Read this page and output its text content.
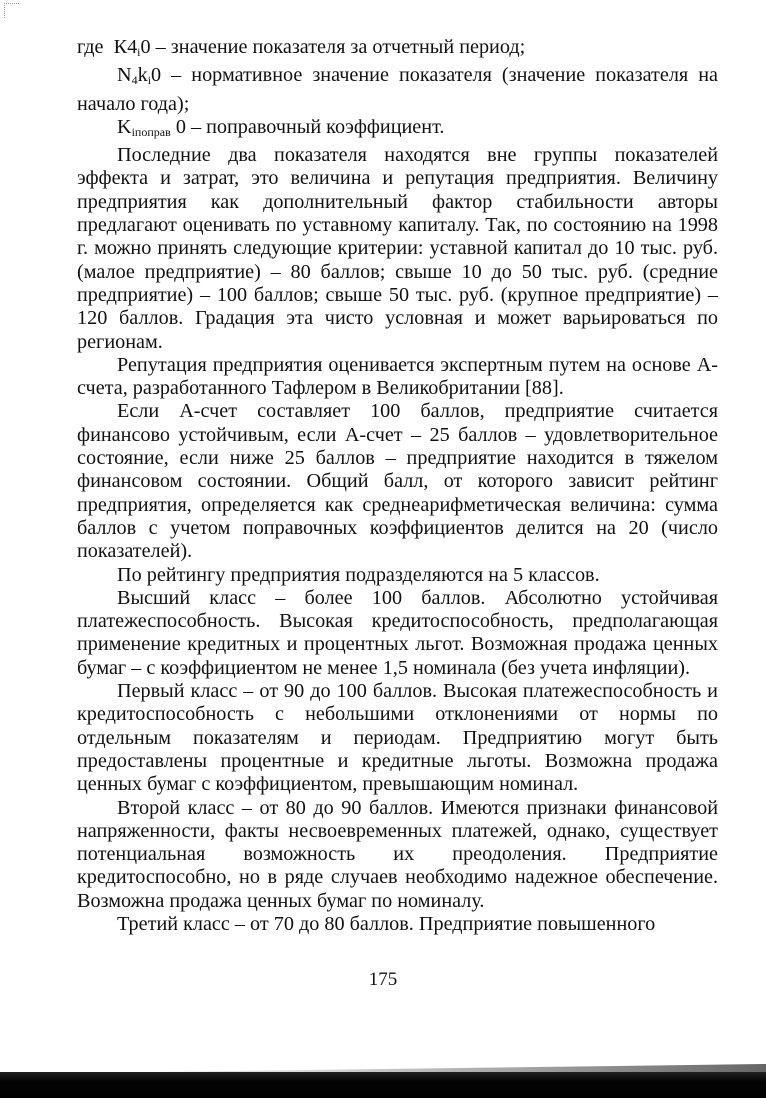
где $К4_i0$ – значение показателя за отчетный период;

$N_4k_i0$ – нормативное значение показателя (значение показателя на начало года);

$K_{iпоправ}$ 0 – поправочный коэффициент.

Последние два показателя находятся вне группы показателей эффекта и затрат, это величина и репутация предприятия. Величину предприятия как дополнительный фактор стабильности авторы предлагают оценивать по уставному капиталу. Так, по состоянию на 1998 г. можно принять следующие критерии: уставной капитал до 10 тыс. руб. (малое предприятие) – 80 баллов; свыше 10 до 50 тыс. руб. (средние предприятие) – 100 баллов; свыше 50 тыс. руб. (крупное предприятие) – 120 баллов. Градация эта чисто условная и может варьироваться по регионам.

Репутация предприятия оценивается экспертным путем на основе А-счета, разработанного Тафлером в Великобритании [88].

Если А-счет составляет 100 баллов, предприятие считается финансово устойчивым, если А-счет – 25 баллов – удовлетворительное состояние, если ниже 25 баллов – предприятие находится в тяжелом финансовом состоянии. Общий балл, от которого зависит рейтинг предприятия, определяется как среднеарифметическая величина: сумма баллов с учетом поправочных коэффициентов делится на 20 (число показателей).

По рейтингу предприятия подразделяются на 5 классов.

Высший класс – более 100 баллов. Абсолютно устойчивая платежеспособность. Высокая кредитоспособность, предполагающая применение кредитных и процентных льгот. Возможная продажа ценных бумаг – с коэффициентом не менее 1,5 номинала (без учета инфляции).

Первый класс – от 90 до 100 баллов. Высокая платежеспособность и кредитоспособность с небольшими отклонениями от нормы по отдельным показателям и периодам. Предприятию могут быть предоставлены процентные и кредитные льготы. Возможна продажа ценных бумаг с коэффициентом, превышающим номинал.

Второй класс – от 80 до 90 баллов. Имеются признаки финансовой напряженности, факты несвоевременных платежей, однако, существует потенциальная возможность их преодоления. Предприятие кредитоспособно, но в ряде случаев необходимо надежное обеспечение. Возможна продажа ценных бумаг по номиналу.

Третий класс – от 70 до 80 баллов. Предприятие повышенного

175
